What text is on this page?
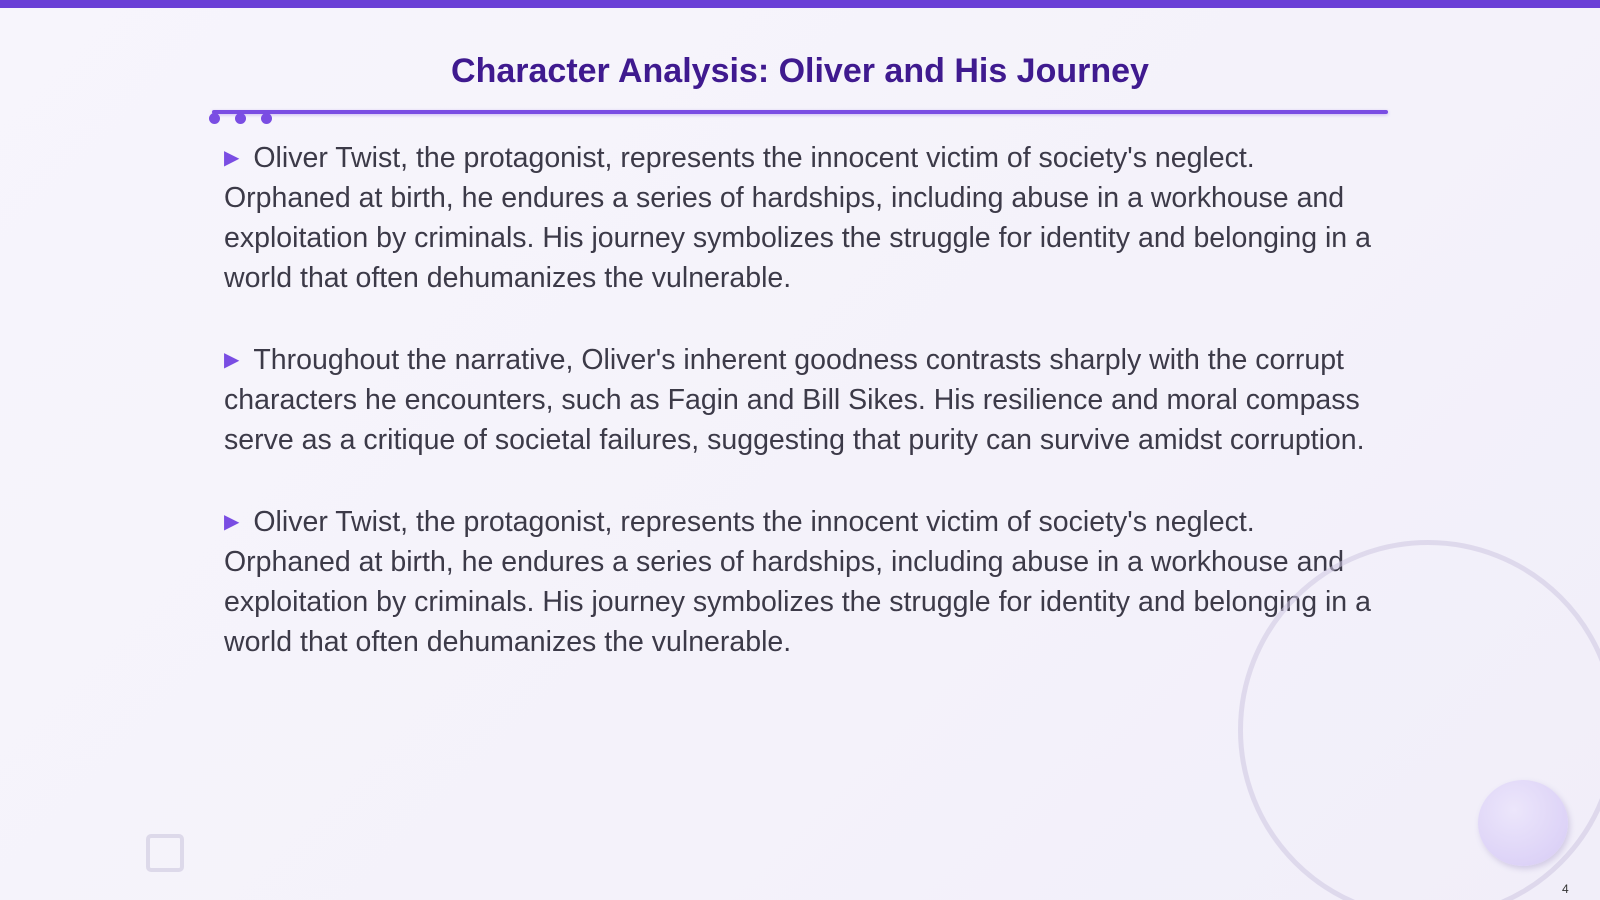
Character Analysis: Oliver and His Journey

▶ Oliver Twist, the protagonist, represents the innocent victim of society's neglect. Orphaned at birth, he endures a series of hardships, including abuse in a workhouse and exploitation by criminals. His journey symbolizes the struggle for identity and belonging in a world that often dehumanizes the vulnerable.

▶ Throughout the narrative, Oliver's inherent goodness contrasts sharply with the corrupt characters he encounters, such as Fagin and Bill Sikes. His resilience and moral compass serve as a critique of societal failures, suggesting that purity can survive amidst corruption.

▶ Oliver Twist, the protagonist, represents the innocent victim of society's neglect. Orphaned at birth, he endures a series of hardships, including abuse in a workhouse and exploitation by criminals. His journey symbolizes the struggle for identity and belonging in a world that often dehumanizes the vulnerable.

4
